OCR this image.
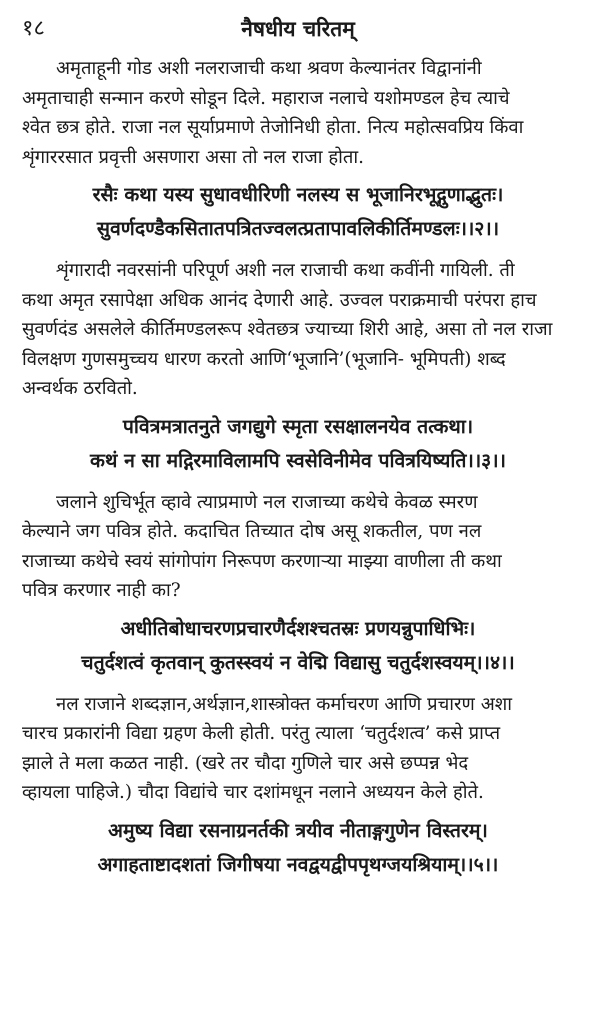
१८	नैषधीय चरितम्
अमृताहूनी गोड अशी नलराजाची कथा श्रवण केल्यानंतर विद्वानांनी
अमृताचाही सन्मान करणे सोडून दिले. महाराज नलाचे यशोमण्डल हेच त्याचे
श्वेत छत्र होते. राजा नल सूर्याप्रमाणे तेजोनिधी होता. नित्य महोत्सवप्रिय किंवा
शृंगाररसात प्रवृत्ती असणारा असा तो नल राजा होता.
रसैः कथा यस्य सुधावधीरिणी नलस्य स भूजानिरभूद्गुणाद्भुतः।
सुवर्णदण्डैकसितातपत्रितज्वलत्प्रतापावलिकीर्तिमण्डलः।।२।।
शृंगारादी नवरसांनी परिपूर्ण अशी नल राजाची कथा कवींनी गायिली. ती
कथा अमृत रसापेक्षा अधिक आनंद देणारी आहे. उज्वल पराक्रमाची परंपरा हाच
सुवर्णदंड असलेले कीर्तिमण्डलरूप श्वेतछत्र ज्याच्या शिरी आहे, असा तो नल राजा
विलक्षण गुणसमुच्चय धारण करतो आणि‘भूजानि’(भूजानि- भूमिपती) शब्द
अन्वर्थक ठरवितो.
पवित्रमत्रातनुते जगद्युगे स्मृता रसक्षालनयेव तत्कथा।
कथं न सा मद्गिरमाविलामपि स्वसेविनीमेव पवित्रयिष्यति।।३।।
जलाने शुचिर्भूत व्हावे त्याप्रमाणे नल राजाच्या कथेचे केवळ स्मरण
केल्याने जग पवित्र होते. कदाचित तिच्यात दोष असू शकतील, पण नल
राजाच्या कथेचे स्वयं सांगोपांग निरूपण करणाऱ्या माझ्या वाणीला ती कथा
पवित्र करणार नाही का?
अधीतिबोधाचरणप्रचारणैर्दशश्चतस्रः प्रणयन्नुपाधिभिः।
चतुर्दशत्वं कृतवान् कुतस्स्वयं न वेद्मि विद्यासु चतुर्दशस्वयम्।।४।।
नल राजाने शब्दज्ञान,अर्थज्ञान,शास्त्रोक्त कर्माचरण आणि प्रचारण अशा
चारच प्रकारांनी विद्या ग्रहण केली होती. परंतु त्याला ‘चतुर्दशत्व’ कसे प्राप्त
झाले ते मला कळत नाही. (खरे तर चौदा गुणिले चार असे छप्पन्न भेद
व्हायला पाहिजे.) चौदा विद्यांचे चार दशांमधून नलाने अध्ययन केले होते.
अमुष्य विद्या रसनाग्रनर्तकी त्रयीव नीताङ्गगुणेन विस्तरम्।
अगाहताष्टादशतां जिगीषया नवद्वयद्वीपपृथग्जयश्रियाम्।।५।।
